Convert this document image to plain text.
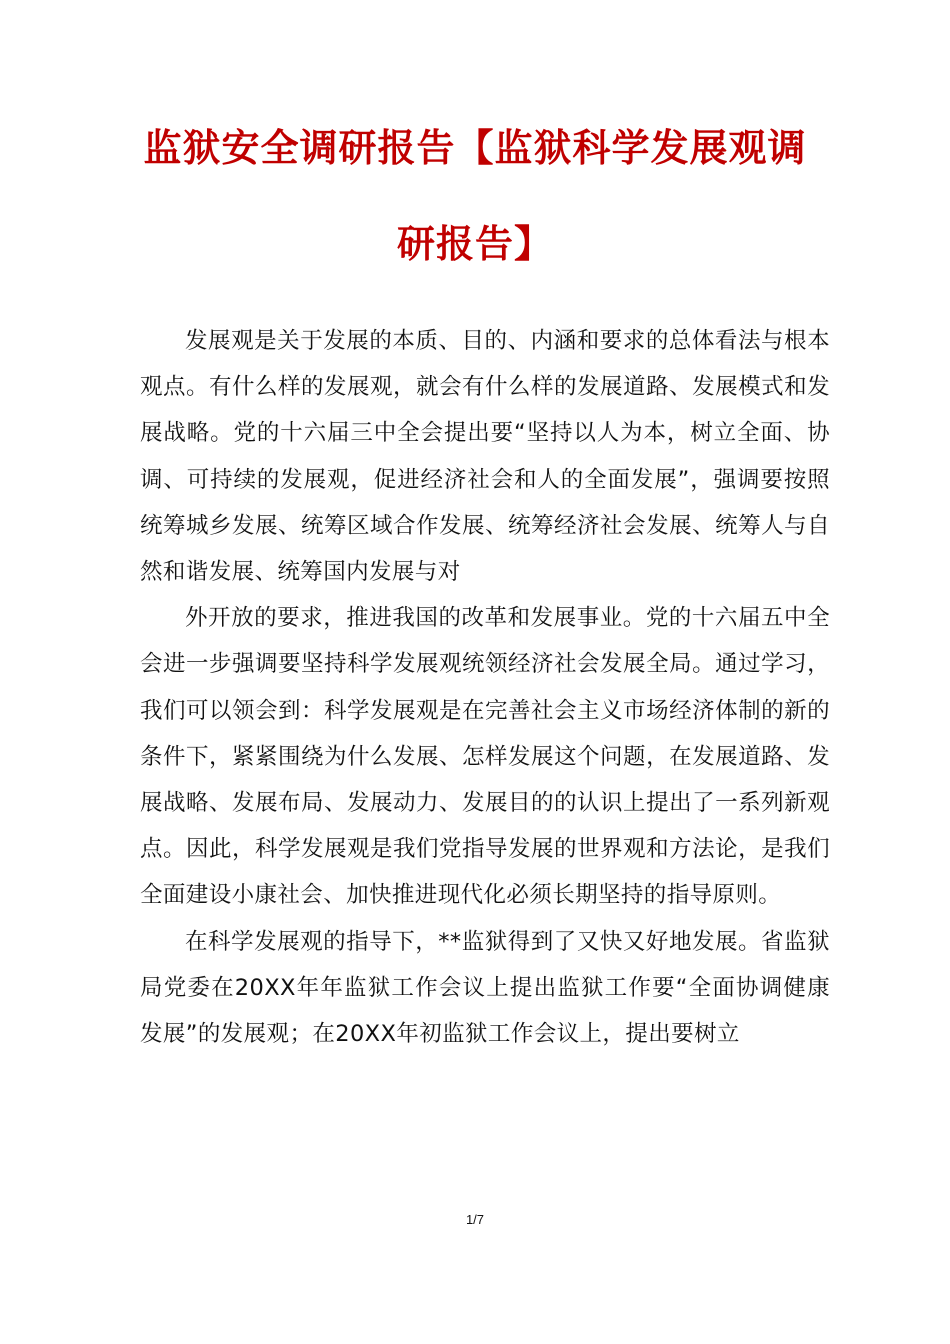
监狱安全调研报告【监狱科学发展观调
研报告】

发展观是关于发展的本质、目的、内涵和要求的总体看法与根本观点。有什么样的发展观，就会有什么样的发展道路、发展模式和发展战略。党的十六届三中全会提出要“坚持以人为本，树立全面、协调、可持续的发展观，促进经济社会和人的全面发展”，强调要按照统筹城乡发展、统筹区域合作发展、统筹经济社会发展、统筹人与自然和谐发展、统筹国内发展与对

外开放的要求，推进我国的改革和发展事业。党的十六届五中全会进一步强调要坚持科学发展观统领经济社会发展全局。通过学习，我们可以领会到：科学发展观是在完善社会主义市场经济体制的新的条件下，紧紧围绕为什么发展、怎样发展这个问题，在发展道路、发展战略、发展布局、发展动力、发展目的的认识上提出了一系列新观点。因此，科学发展观是我们党指导发展的世界观和方法论，是我们全面建设小康社会、加快推进现代化必须长期坚持的指导原则。

在科学发展观的指导下，**监狱得到了又快又好地发展。省监狱局党委在20XX年年监狱工作会议上提出监狱工作要“全面协调健康发展”的发展观；在20XX年初监狱工作会议上，提出要树立

1/7
